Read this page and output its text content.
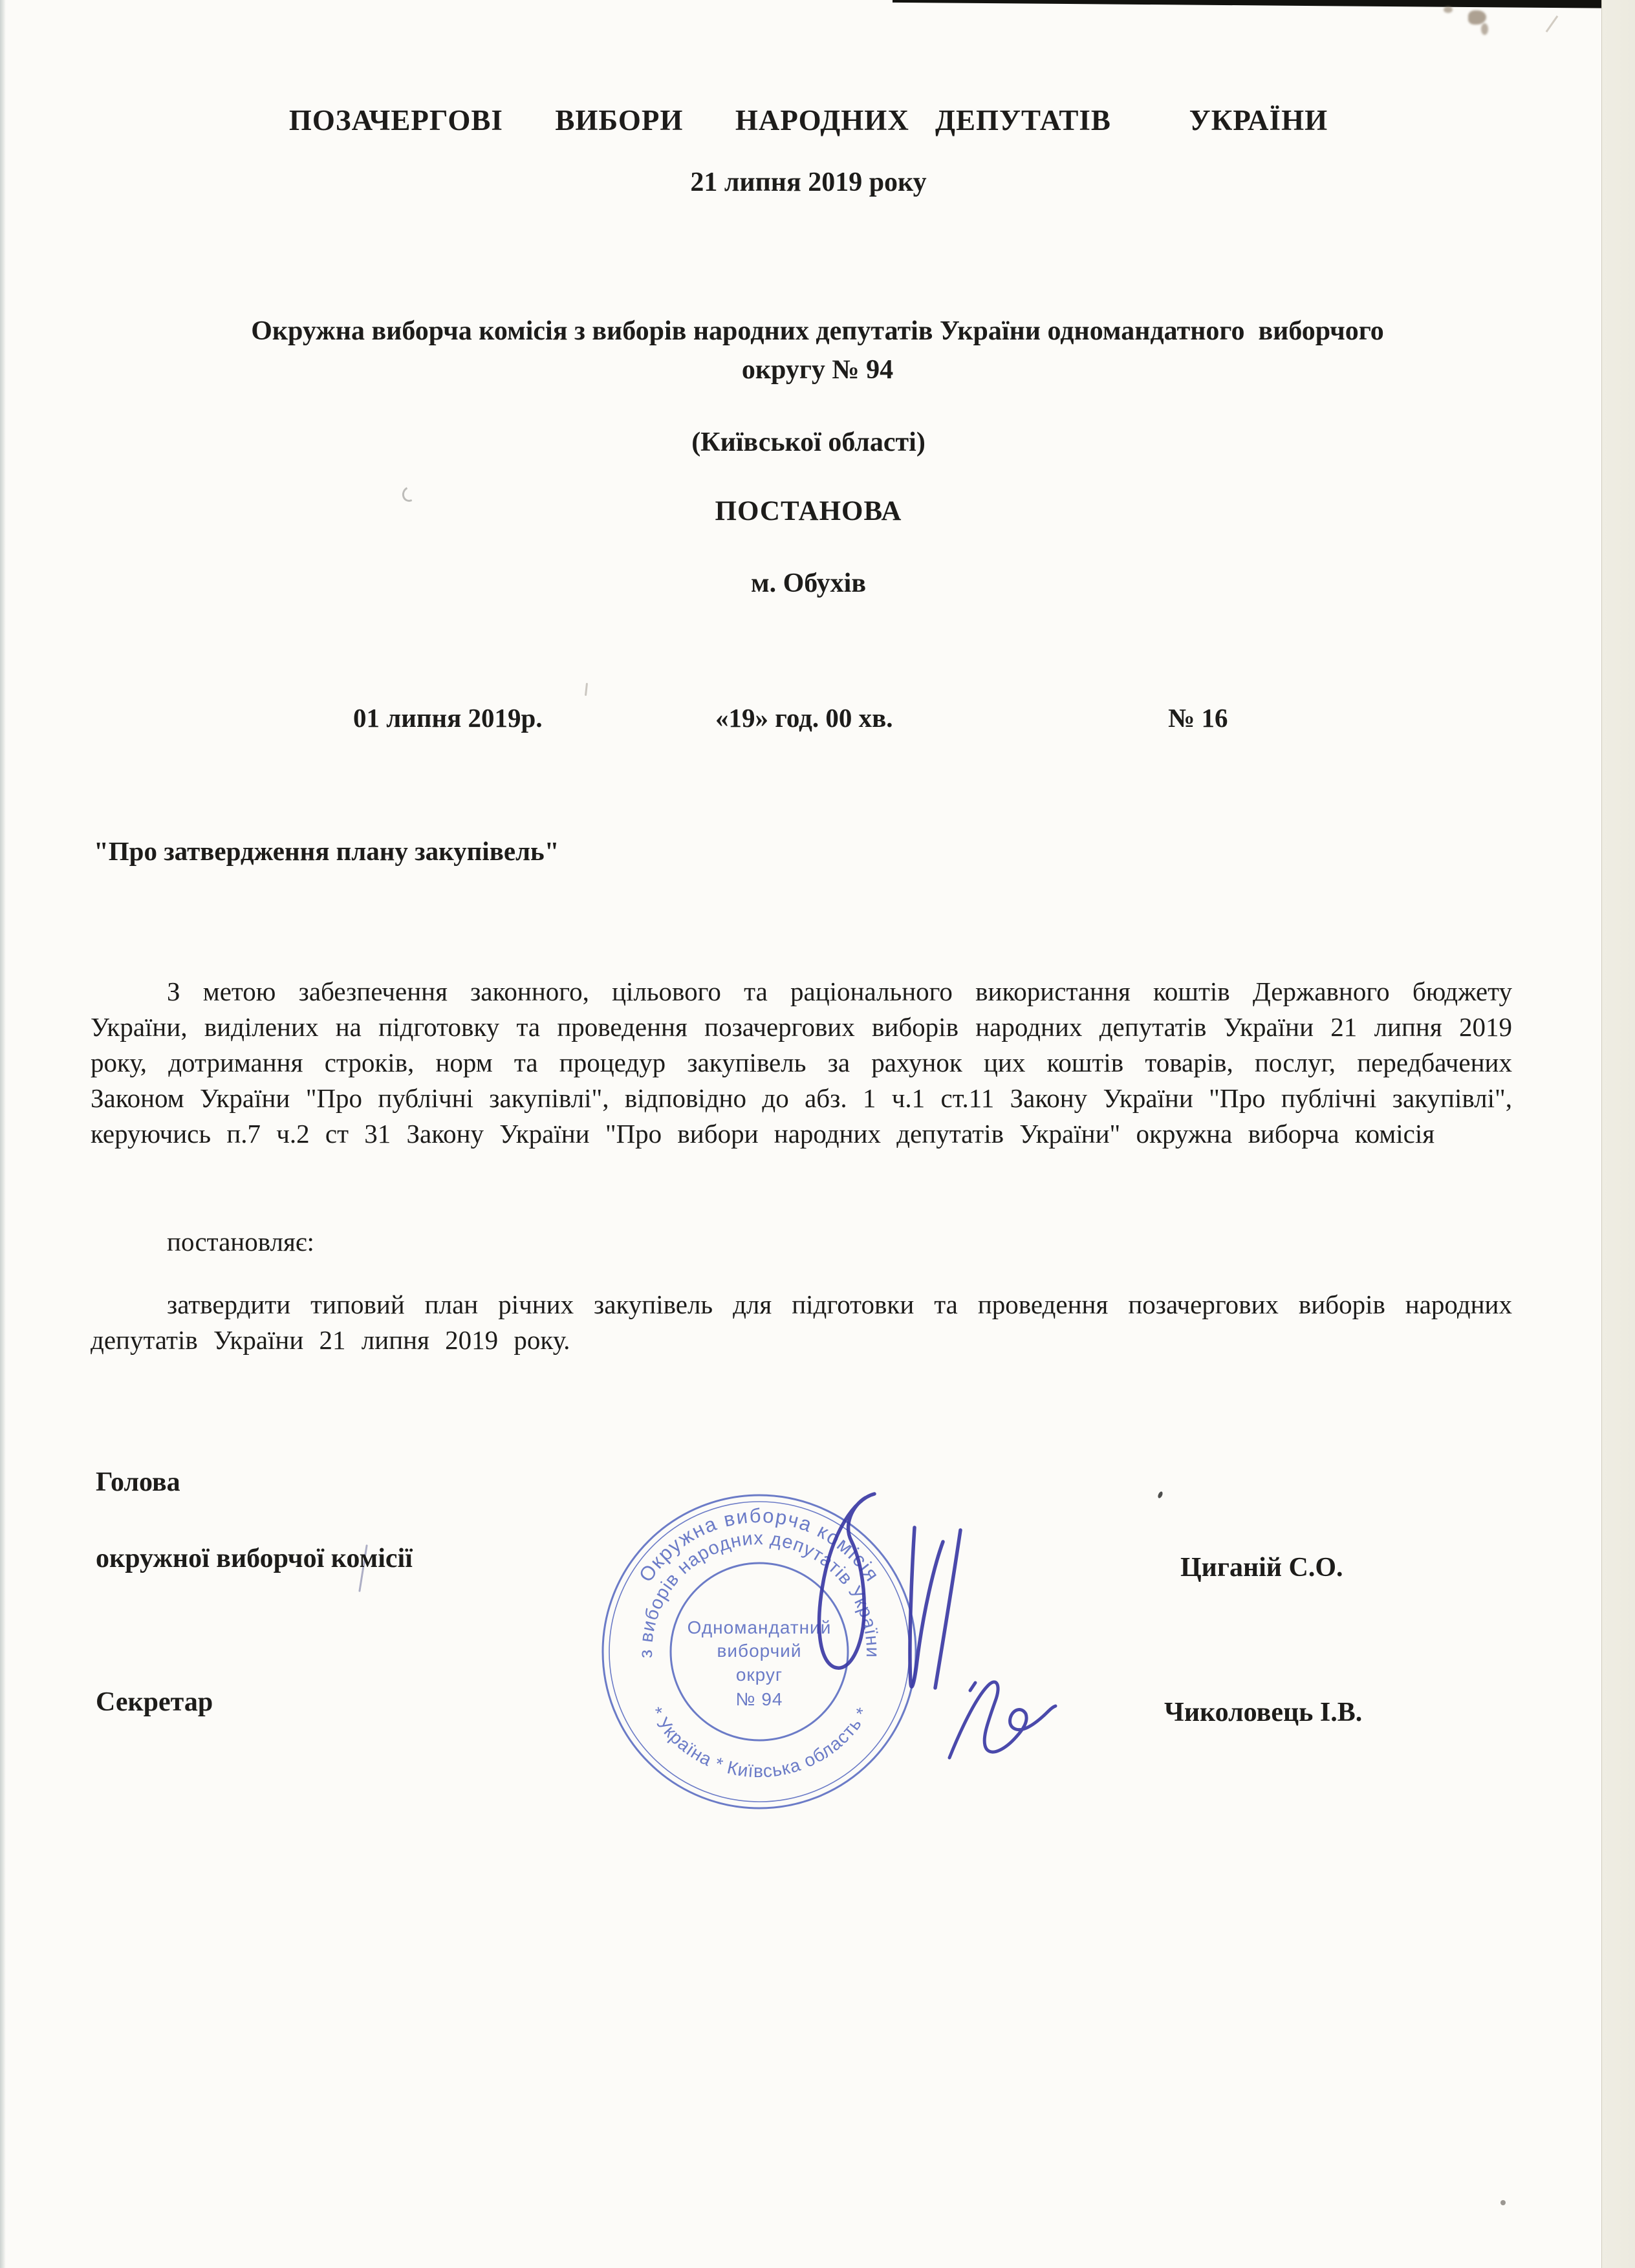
ПОЗАЧЕРГОВІ  ВИБОРИ  НАРОДНИХ ДЕПУТАТІВ   УКРАЇНИ
21 липня 2019 року
Окружна виборча комісія з виборів народних депутатів України одномандатного  виборчого
округу № 94
(Київської області)
ПОСТАНОВА
м. Обухів
01 липня 2019р.	«19» год. 00 хв.	№ 16
"Про затвердження плану закупівель"
З метою забезпечення законного, цільового та раціонального використання коштів Державного бюджету України, виділених на підготовку та проведення позачергових виборів народних депутатів України 21 липня 2019 року, дотримання строків, норм та процедур закупівель за рахунок цих коштів товарів, послуг, передбачених Законом України "Про публічні закупівлі", відповідно до абз. 1 ч.1 ст.11 Закону України "Про публічні закупівлі", керуючись п.7 ч.2 ст 31 Закону України "Про вибори народних депутатів України" окружна виборча комісія
постановляє:
затвердити типовий план річних закупівель для підготовки та проведення позачергових виборів народних депутатів України 21 липня 2019 року.
Голова
окружної виборчої комісії	Циганій С.О.
Секретар	Чиколовець І.В.
Окружна виборча комісія
з виборів народних депутатів України
* Україна * Київська область *
Одномандатний
виборчий
округ
№ 94
